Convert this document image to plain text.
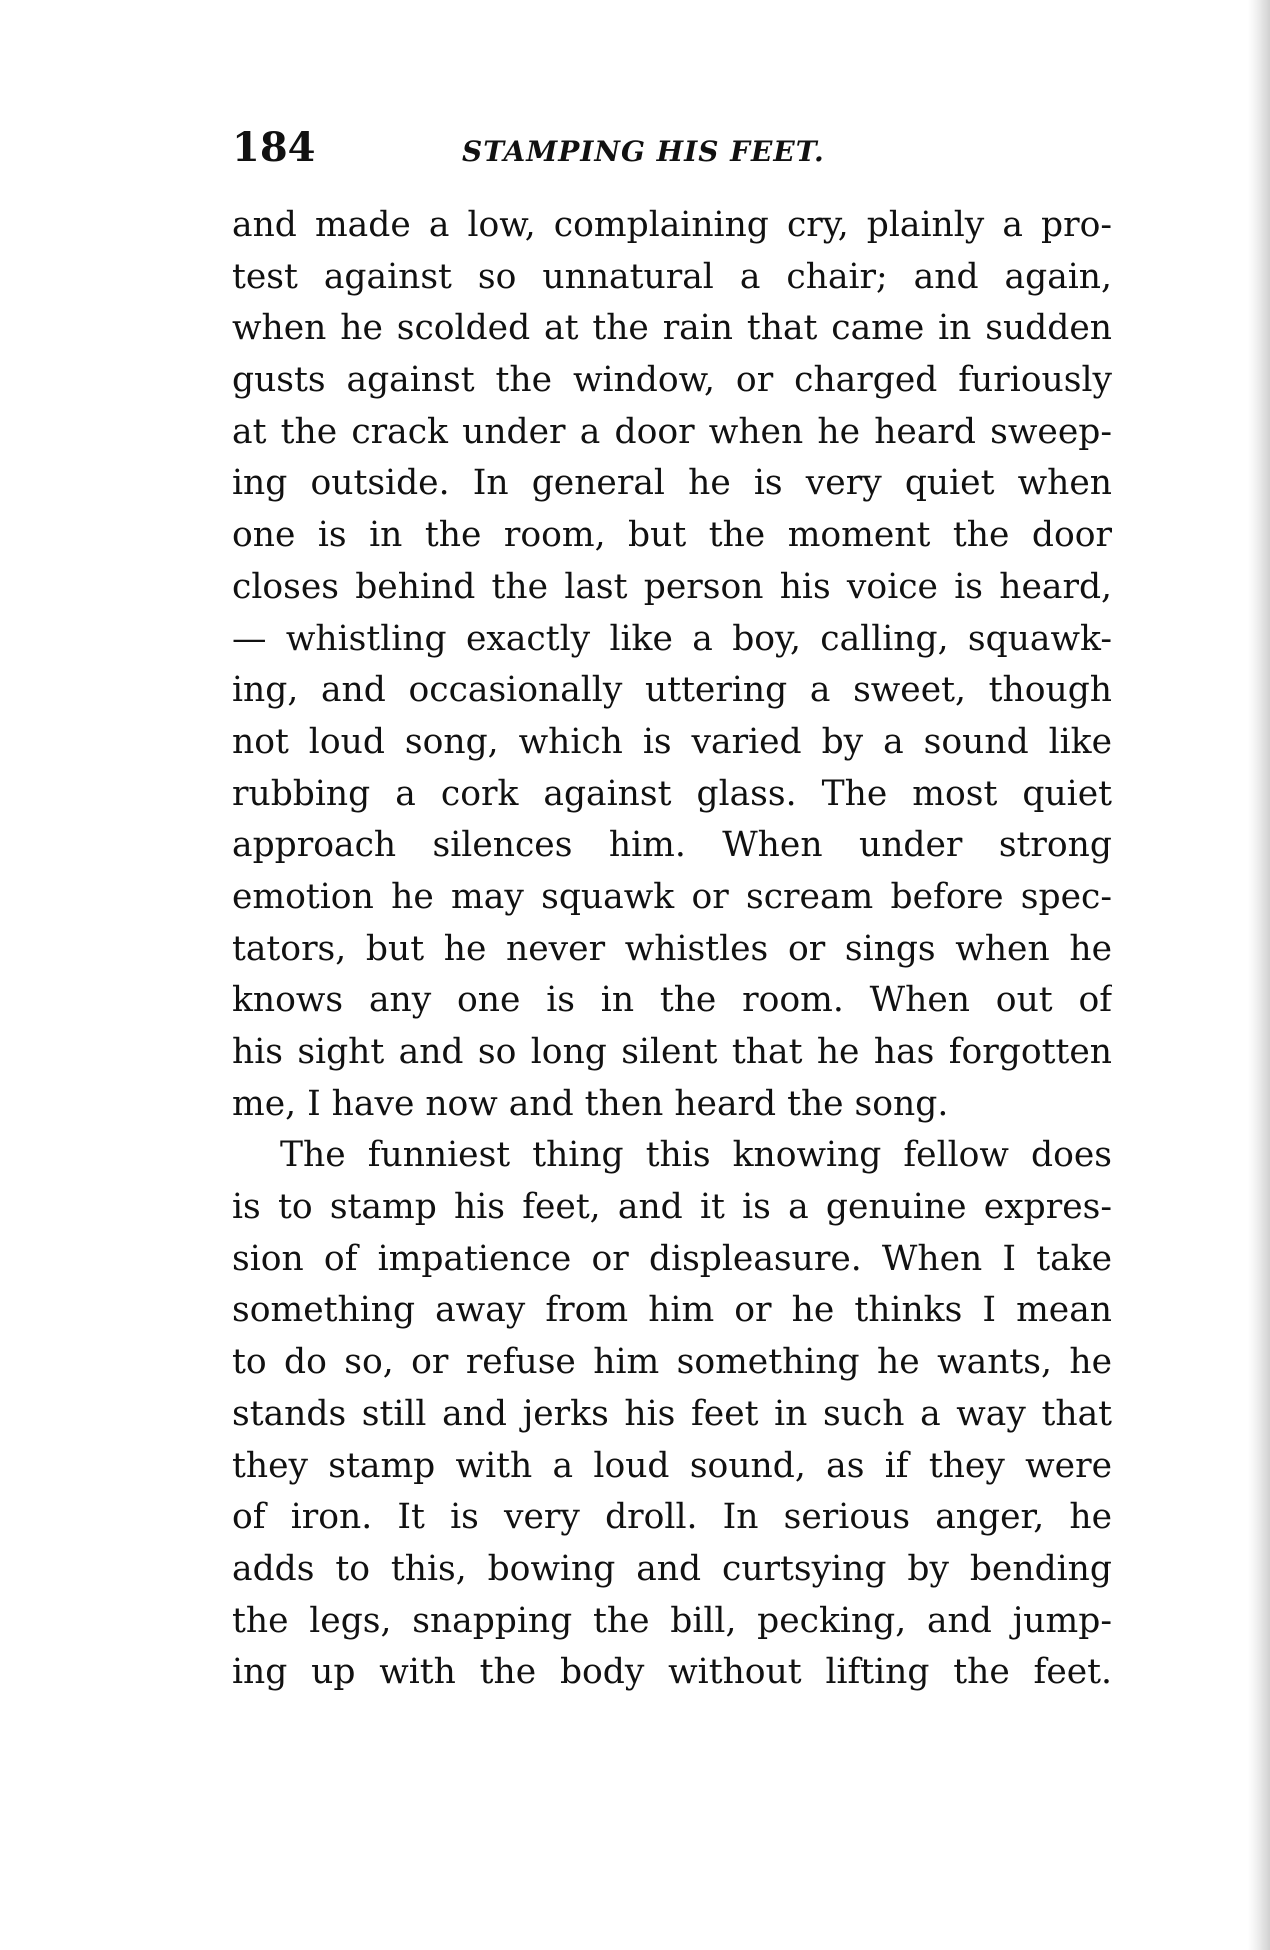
184	STAMPING HIS FEET.
and made a low, complaining cry, plainly a pro-
test against so unnatural a chair; and again,
when he scolded at the rain that came in sudden
gusts against the window, or charged furiously
at the crack under a door when he heard sweep-
ing outside. In general he is very quiet when
one is in the room, but the moment the door
closes behind the last person his voice is heard,
— whistling exactly like a boy, calling, squawk-
ing, and occasionally uttering a sweet, though
not loud song, which is varied by a sound like
rubbing a cork against glass. The most quiet
approach silences him. When under strong
emotion he may squawk or scream before spec-
tators, but he never whistles or sings when he
knows any one is in the room. When out of
his sight and so long silent that he has forgotten
me, I have now and then heard the song.
The funniest thing this knowing fellow does
is to stamp his feet, and it is a genuine expres-
sion of impatience or displeasure. When I take
something away from him or he thinks I mean
to do so, or refuse him something he wants, he
stands still and jerks his feet in such a way that
they stamp with a loud sound, as if they were
of iron. It is very droll. In serious anger, he
adds to this, bowing and curtsying by bending
the legs, snapping the bill, pecking, and jump-
ing up with the body without lifting the feet.
